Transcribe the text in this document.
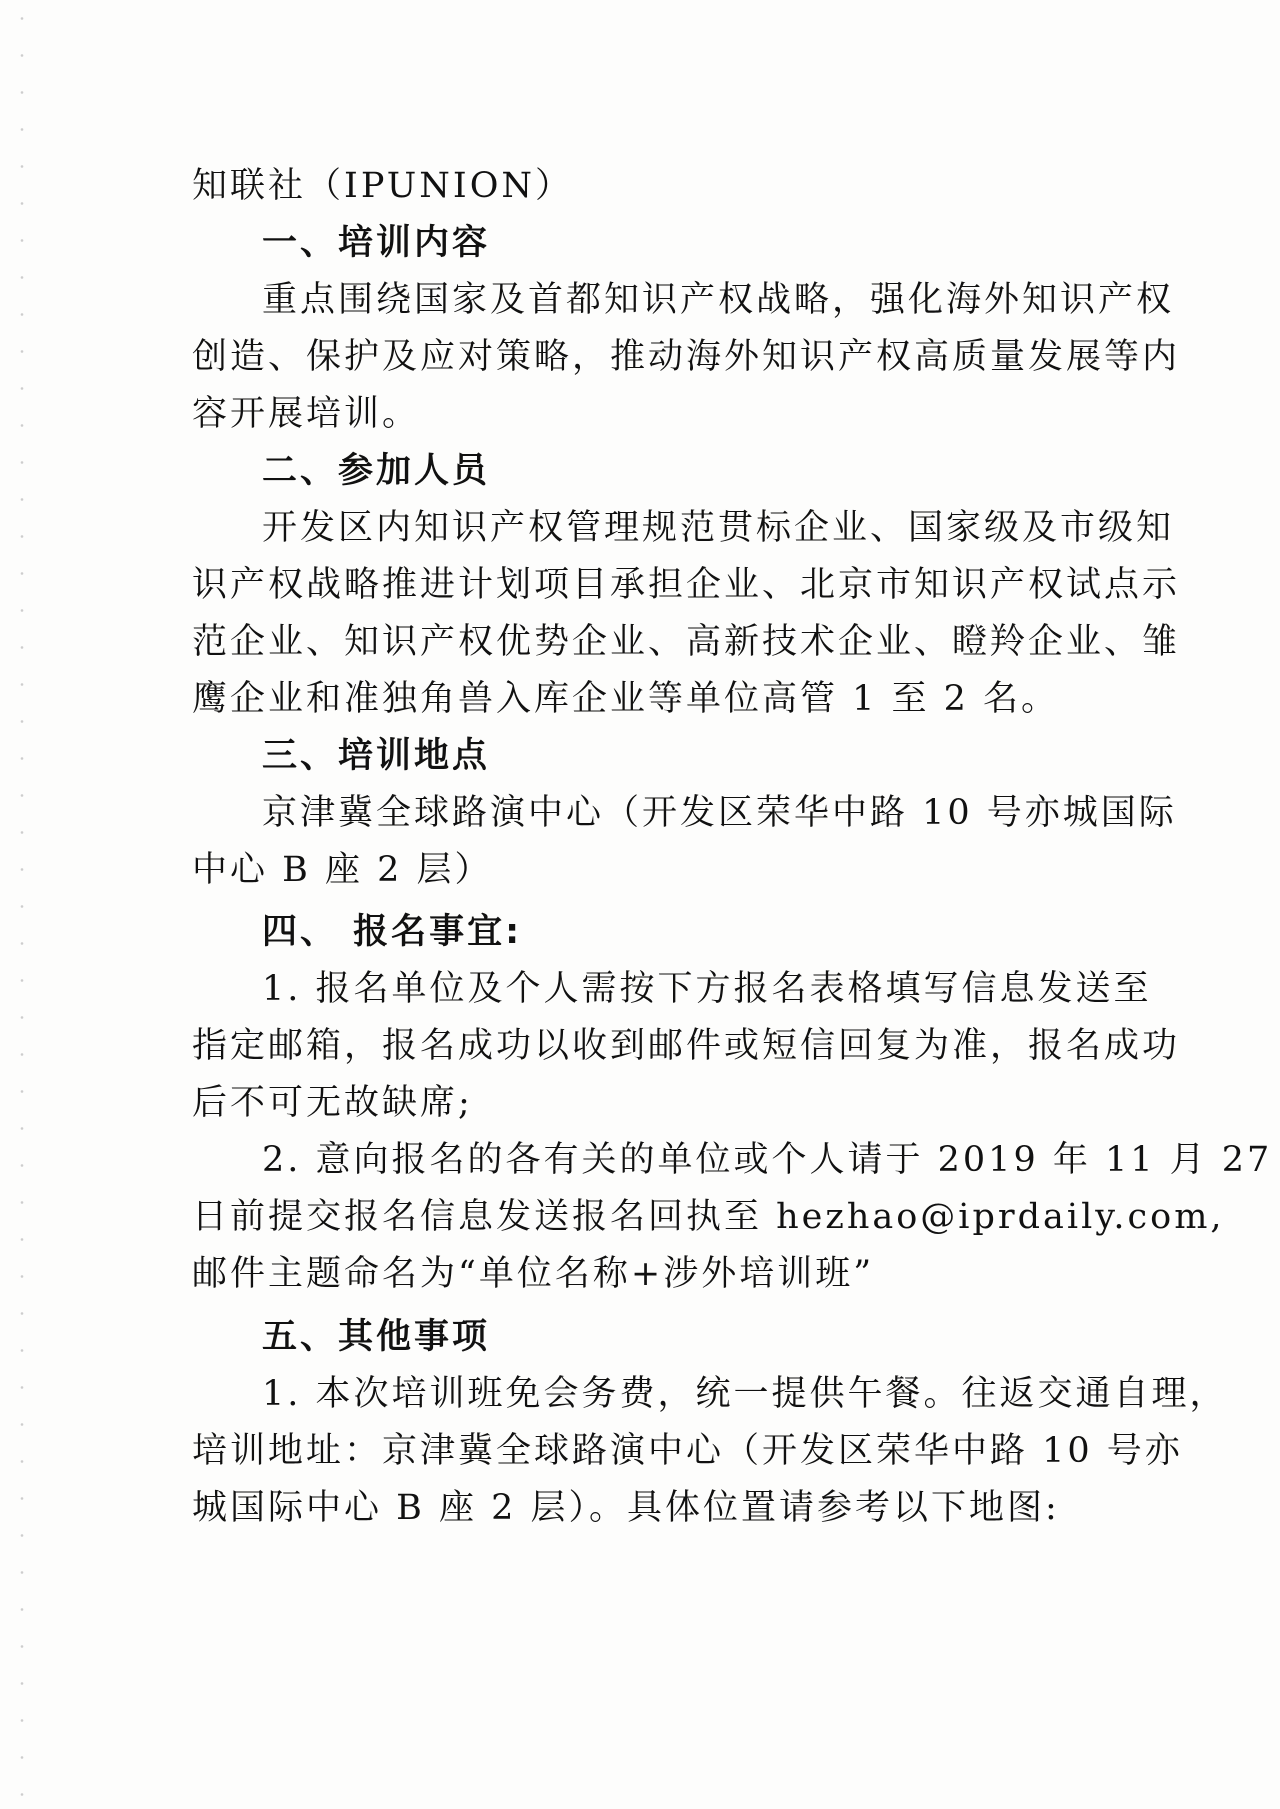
知联社（IPUNION）
一、培训内容
重点围绕国家及首都知识产权战略，强化海外知识产权
创造、保护及应对策略，推动海外知识产权高质量发展等内
容开展培训。
二、参加人员
开发区内知识产权管理规范贯标企业、国家级及市级知
识产权战略推进计划项目承担企业、北京市知识产权试点示
范企业、知识产权优势企业、高新技术企业、瞪羚企业、雏
鹰企业和准独角兽入库企业等单位高管 1 至 2 名。
三、培训地点
京津冀全球路演中心（开发区荣华中路 10 号亦城国际
中心 B 座 2 层）
四、 报名事宜:
1. 报名单位及个人需按下方报名表格填写信息发送至
指定邮箱，报名成功以收到邮件或短信回复为准，报名成功
后不可无故缺席;
2. 意向报名的各有关的单位或个人请于 2019 年 11 月 27
日前提交报名信息发送报名回执至 hezhao@iprdaily.com,
邮件主题命名为“单位名称+涉外培训班”
五、其他事项
1. 本次培训班免会务费，统一提供午餐。往返交通自理，
培训地址：京津冀全球路演中心（开发区荣华中路 10 号亦
城国际中心 B 座 2 层）。具体位置请参考以下地图:
